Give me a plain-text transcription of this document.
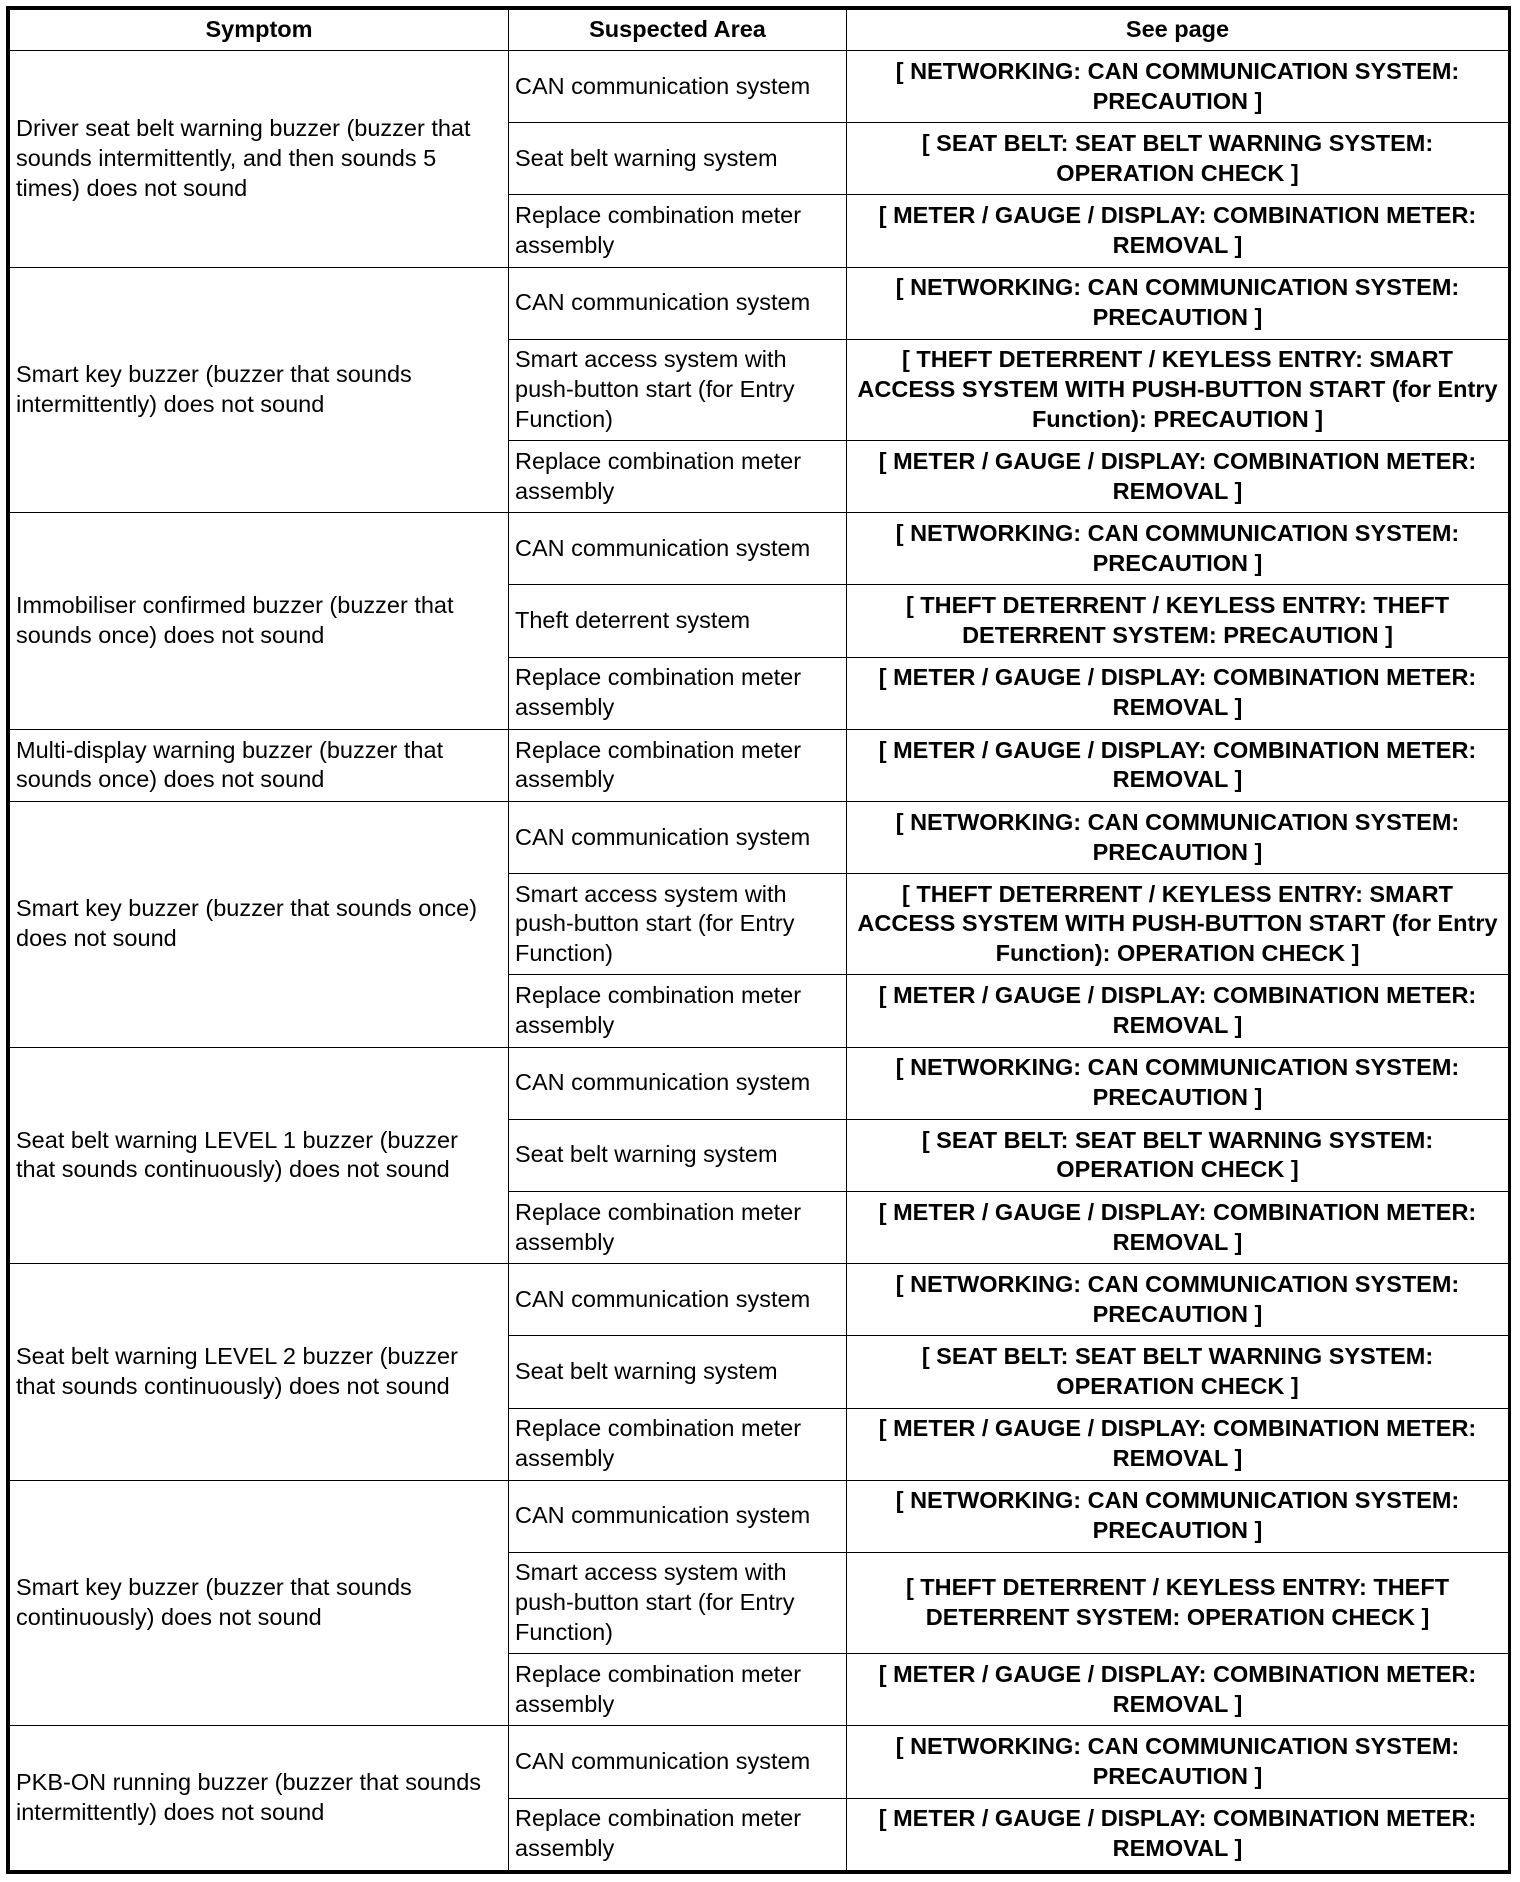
Symptom	Suspected Area	See page
Driver seat belt warning buzzer (buzzer that sounds intermittently, and then sounds 5 times) does not sound	CAN communication system	[ NETWORKING: CAN COMMUNICATION SYSTEM: PRECAUTION ]
	Seat belt warning system	[ SEAT BELT: SEAT BELT WARNING SYSTEM: OPERATION CHECK ]
	Replace combination meter assembly	[ METER / GAUGE / DISPLAY: COMBINATION METER: REMOVAL ]
Smart key buzzer (buzzer that sounds intermittently) does not sound	CAN communication system	[ NETWORKING: CAN COMMUNICATION SYSTEM: PRECAUTION ]
	Smart access system with push-button start (for Entry Function)	[ THEFT DETERRENT / KEYLESS ENTRY: SMART ACCESS SYSTEM WITH PUSH-BUTTON START (for Entry Function): PRECAUTION ]
	Replace combination meter assembly	[ METER / GAUGE / DISPLAY: COMBINATION METER: REMOVAL ]
Immobiliser confirmed buzzer (buzzer that sounds once) does not sound	CAN communication system	[ NETWORKING: CAN COMMUNICATION SYSTEM: PRECAUTION ]
	Theft deterrent system	[ THEFT DETERRENT / KEYLESS ENTRY: THEFT DETERRENT SYSTEM: PRECAUTION ]
	Replace combination meter assembly	[ METER / GAUGE / DISPLAY: COMBINATION METER: REMOVAL ]
Multi-display warning buzzer (buzzer that sounds once) does not sound	Replace combination meter assembly	[ METER / GAUGE / DISPLAY: COMBINATION METER: REMOVAL ]
Smart key buzzer (buzzer that sounds once) does not sound	CAN communication system	[ NETWORKING: CAN COMMUNICATION SYSTEM: PRECAUTION ]
	Smart access system with push-button start (for Entry Function)	[ THEFT DETERRENT / KEYLESS ENTRY: SMART ACCESS SYSTEM WITH PUSH-BUTTON START (for Entry Function): OPERATION CHECK ]
	Replace combination meter assembly	[ METER / GAUGE / DISPLAY: COMBINATION METER: REMOVAL ]
Seat belt warning LEVEL 1 buzzer (buzzer that sounds continuously) does not sound	CAN communication system	[ NETWORKING: CAN COMMUNICATION SYSTEM: PRECAUTION ]
	Seat belt warning system	[ SEAT BELT: SEAT BELT WARNING SYSTEM: OPERATION CHECK ]
	Replace combination meter assembly	[ METER / GAUGE / DISPLAY: COMBINATION METER: REMOVAL ]
Seat belt warning LEVEL 2 buzzer (buzzer that sounds continuously) does not sound	CAN communication system	[ NETWORKING: CAN COMMUNICATION SYSTEM: PRECAUTION ]
	Seat belt warning system	[ SEAT BELT: SEAT BELT WARNING SYSTEM: OPERATION CHECK ]
	Replace combination meter assembly	[ METER / GAUGE / DISPLAY: COMBINATION METER: REMOVAL ]
Smart key buzzer (buzzer that sounds continuously) does not sound	CAN communication system	[ NETWORKING: CAN COMMUNICATION SYSTEM: PRECAUTION ]
	Smart access system with push-button start (for Entry Function)	[ THEFT DETERRENT / KEYLESS ENTRY: THEFT DETERRENT SYSTEM: OPERATION CHECK ]
	Replace combination meter assembly	[ METER / GAUGE / DISPLAY: COMBINATION METER: REMOVAL ]
PKB-ON running buzzer (buzzer that sounds intermittently) does not sound	CAN communication system	[ NETWORKING: CAN COMMUNICATION SYSTEM: PRECAUTION ]
	Replace combination meter assembly	[ METER / GAUGE / DISPLAY: COMBINATION METER: REMOVAL ]
